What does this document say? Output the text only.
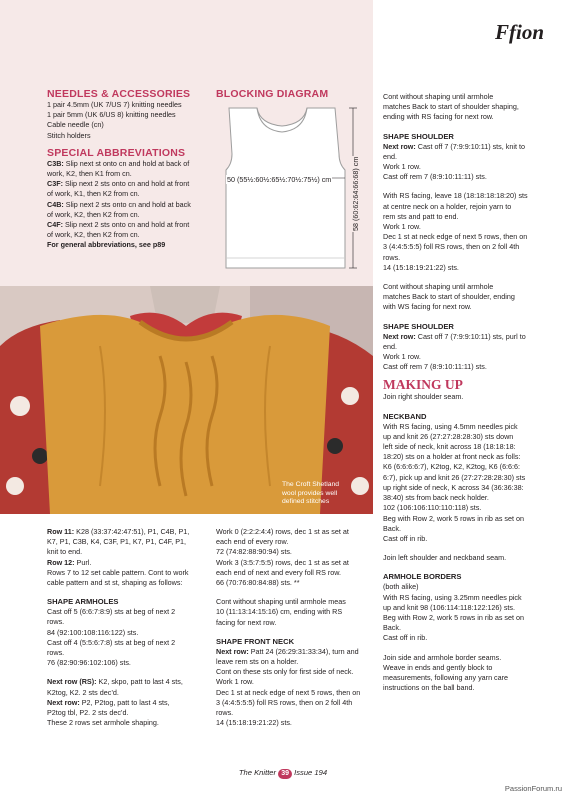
Ffion

NEEDLES & ACCESSORIES

1 pair 4.5mm (UK 7/US 7) knitting needles

1 pair 5mm (UK 6/US 8) knitting needles

Cable needle (cn)

Stitch holders

SPECIAL ABBREVIATIONS

C3B: Slip next st onto cn and hold at back of

work, K2, then K1 from cn.

C3F: Slip next 2 sts onto cn and hold at front

of work, K1, then K2 from cn.

C4B: Slip next 2 sts onto cn and hold at back

of work, K2, then K2 from cn.

C4F: Slip next 2 sts onto cn and hold at front

of work, K2, then K2 from cn.

For general abbreviations, see p89

BLOCKING DIAGRAM

50 (55½:60½:65½:70½:75½) cm	58 (60:62:64:66:68) cm
The Croft Shetland
wool provides well
defined stitches

Row 11: K28 (33:37:42:47:51), P1, C4B, P1,

K7, P1, C3B, K4, C3F, P1, K7, P1, C4F, P1,

knit to end.

Row 12: Purl.

Rows 7 to 12 set cable pattern. Cont to work

cable pattern and st st, shaping as follows:

SHAPE ARMHOLES

Cast off 5 (6:6:7:8:9) sts at beg of next 2

rows.

84 (92:100:108:116:122) sts.

Cast off 4 (5:5:6:7:8) sts at beg of next 2

rows.

76 (82:90:96:102:106) sts.

Next row (RS): K2, skpo, patt to last 4 sts,

K2tog, K2. 2 sts dec’d.

Next row: P2, P2tog, patt to last 4 sts,

P2tog tbl, P2. 2 sts dec’d.

These 2 rows set armhole shaping.

Work 0 (2:2:2:4:4) rows, dec 1 st as set at

each end of every row.

72 (74:82:88:90:94) sts.

Work 3 (3:5:7:5:5) rows, dec 1 st as set at

each end of next and every foll RS row.

66 (70:76:80:84:88) sts. **

Cont without shaping until armhole meas

10 (11:13:14:15:16) cm, ending with RS

facing for next row.

SHAPE FRONT NECK

Next row: Patt 24 (26:29:31:33:34), turn and

leave rem sts on a holder.

Cont on these sts only for first side of neck.

Work 1 row.

Dec 1 st at neck edge of next 5 rows, then on

3 (4:4:5:5:5) foll RS rows, then on 2 foll 4th

rows.

14 (15:18:19:21:22) sts.

Cont without shaping until armhole

matches Back to start of shoulder shaping,

ending with RS facing for next row.

SHAPE SHOULDER

Next row: Cast off 7 (7:9:9:10:11) sts, knit to

end.

Work 1 row.

Cast off rem 7 (8:9:10:11:11) sts.

With RS facing, leave 18 (18:18:18:18:20) sts

at centre neck on a holder, rejoin yarn to

rem sts and patt to end.

Work 1 row.

Dec 1 st at neck edge of next 5 rows, then on

3 (4:4:5:5:5) foll RS rows, then on 2 foll 4th

rows.

14 (15:18:19:21:22) sts.

Cont without shaping until armhole

matches Back to start of shoulder, ending

with WS facing for next row.

SHAPE SHOULDER

Next row: Cast off 7 (7:9:9:10:11) sts, purl to

end.

Work 1 row.

Cast off rem 7 (8:9:10:11:11) sts.

MAKING UP

Join right shoulder seam.

NECKBAND

With RS facing, using 4.5mm needles pick

up and knit 26 (27:27:28:28:30) sts down

left side of neck, knit across 18 (18:18:18:

18:20) sts on a holder at front neck as folls:

K6 (6:6:6:6:7), K2tog, K2, K2tog, K6 (6:6:6:

6:7), pick up and knit 26 (27:27:28:28:30) sts

up right side of neck, K across 34 (36:36:38:

38:40) sts from back neck holder.

102 (106:106:110:110:118) sts.

Beg with Row 2, work 5 rows in rib as set on

Back.

Cast off in rib.

Join left shoulder and neckband seam.

ARMHOLE BORDERS

(both alike)

With RS facing, using 3.25mm needles pick

up and knit 98 (106:114:118:122:126) sts.

Beg with Row 2, work 5 rows in rib as set on

Back.

Cast off in rib.

Join side and armhole border seams.

Weave in ends and gently block to

measurements, following any yarn care

instructions on the ball band.

The Knitter 39 Issue 194
PassionForum.ru
